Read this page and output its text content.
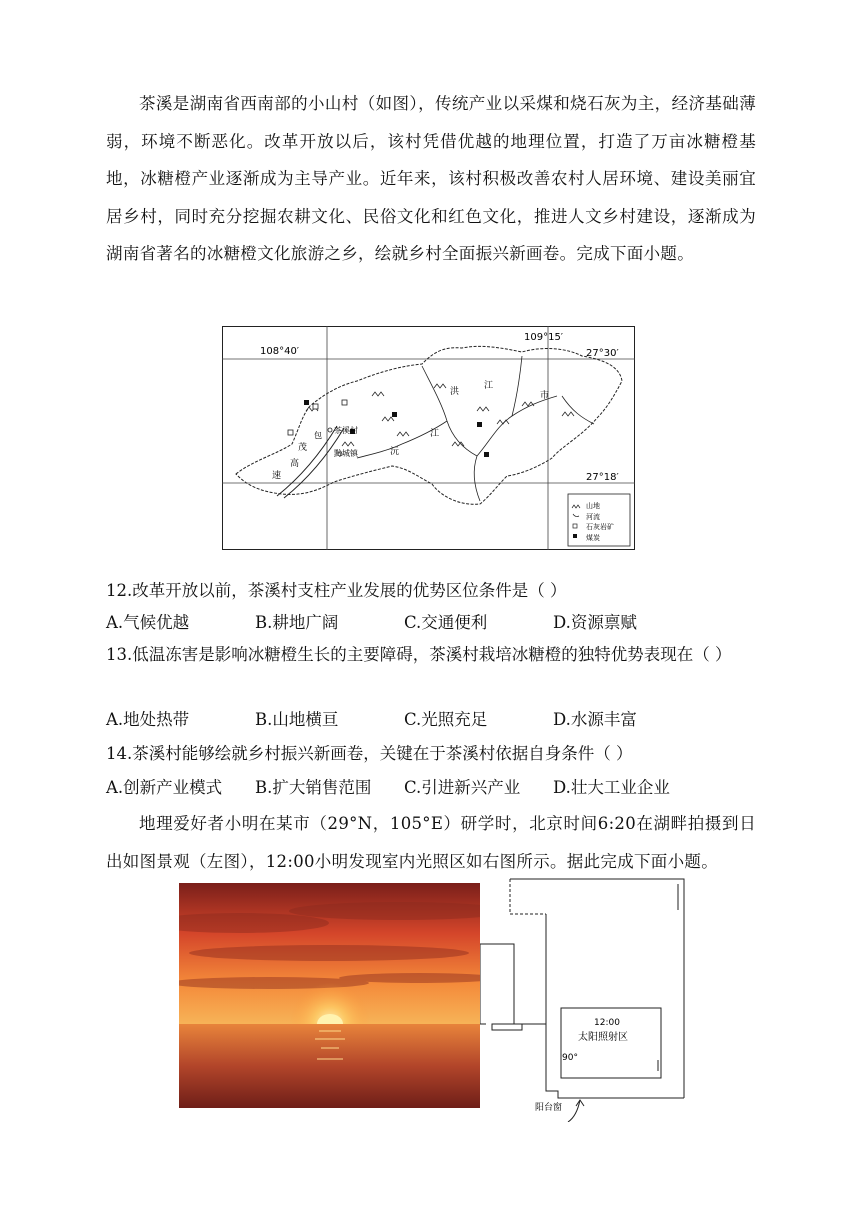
茶溪是湖南省西南部的小山村（如图），传统产业以采煤和烧石灰为主，经济基础薄弱，环境不断恶化。改革开放以后，该村凭借优越的地理位置，打造了万亩冰糖橙基地，冰糖橙产业逐渐成为主导产业。近年来，该村积极改善农村人居环境、建设美丽宜居乡村，同时充分挖掘农耕文化、民俗文化和红色文化，推进人文乡村建设，逐渐成为湖南省著名的冰糖橙文化旅游之乡，绘就乡村全面振兴新画卷。完成下面小题。
108°40′
109°15′
27°30′
27°18′
洪
江
市
江
茶溪村
包
茂
黔城镇	沅
高
速
山地
河流
石灰岩矿
煤炭
12.改革开放以前，茶溪村支柱产业发展的优势区位条件是（ ）
A.气候优越	B.耕地广阔	C.交通便利	D.资源禀赋
13.低温冻害是影响冰糖橙生长的主要障碍，茶溪村栽培冰糖橙的独特优势表现在（ ）
A.地处热带	B.山地横亘	C.光照充足	D.水源丰富
14.茶溪村能够绘就乡村振兴新画卷，关键在于茶溪村依据自身条件（ ）
A.创新产业模式 B.扩大销售范围 C.引进新兴产业 D.壮大工业企业
地理爱好者小明在某市（29°N，105°E）研学时，北京时间6:20在湖畔拍摄到日出如图景观（左图），12:00小明发现室内光照区如右图所示。据此完成下面小题。
12:00
太阳照射区
90°
阳台窗
